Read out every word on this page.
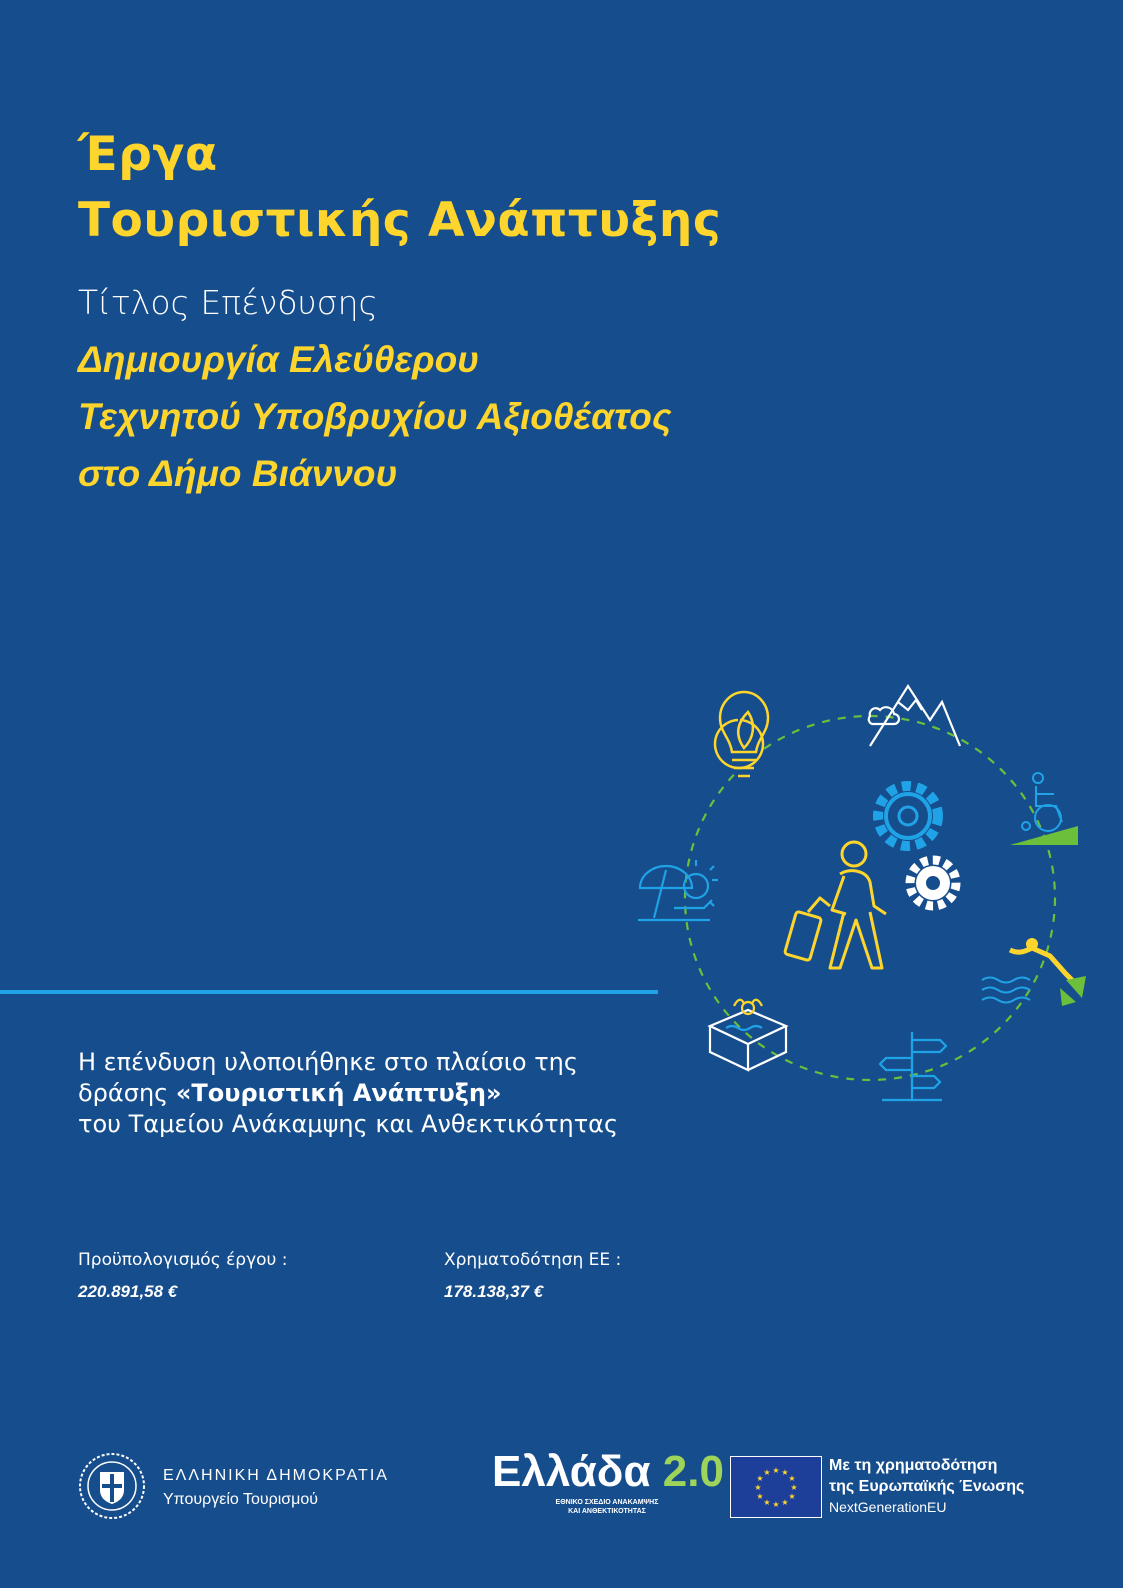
Έργα
Τουριστικής Ανάπτυξης
Τίτλος Επένδυσης
Δημιουργία Ελεύθερου
Τεχνητού Υποβρυχίου Αξιοθέατος
στο Δήμο Βιάννου
Η επένδυση υλοποιήθηκε στο πλαίσιο της
δράσης «Τουριστική Ανάπτυξη»
του Ταμείου Ανάκαμψης και Ανθεκτικότητας
Προϋπολογισμός έργου :
220.891,58 €
Χρηματοδότηση ΕΕ :
178.138,37 €
ΕΛΛΗΝΙΚΗ ΔΗΜΟΚΡΑΤΙΑ
Υπουργείο Τουρισμού
Ελλάδα 2.0
ΕΘΝΙΚΟ ΣΧΕΔΙΟ ΑΝΑΚΑΜΨΗΣ
ΚΑΙ ΑΝΘΕΚΤΙΚΟΤΗΤΑΣ
★ ★
★
★
★
★
★
★
★
★
★
★	Με τη χρηματοδότηση
της Ευρωπαϊκής Ένωσης
NextGenerationEU
